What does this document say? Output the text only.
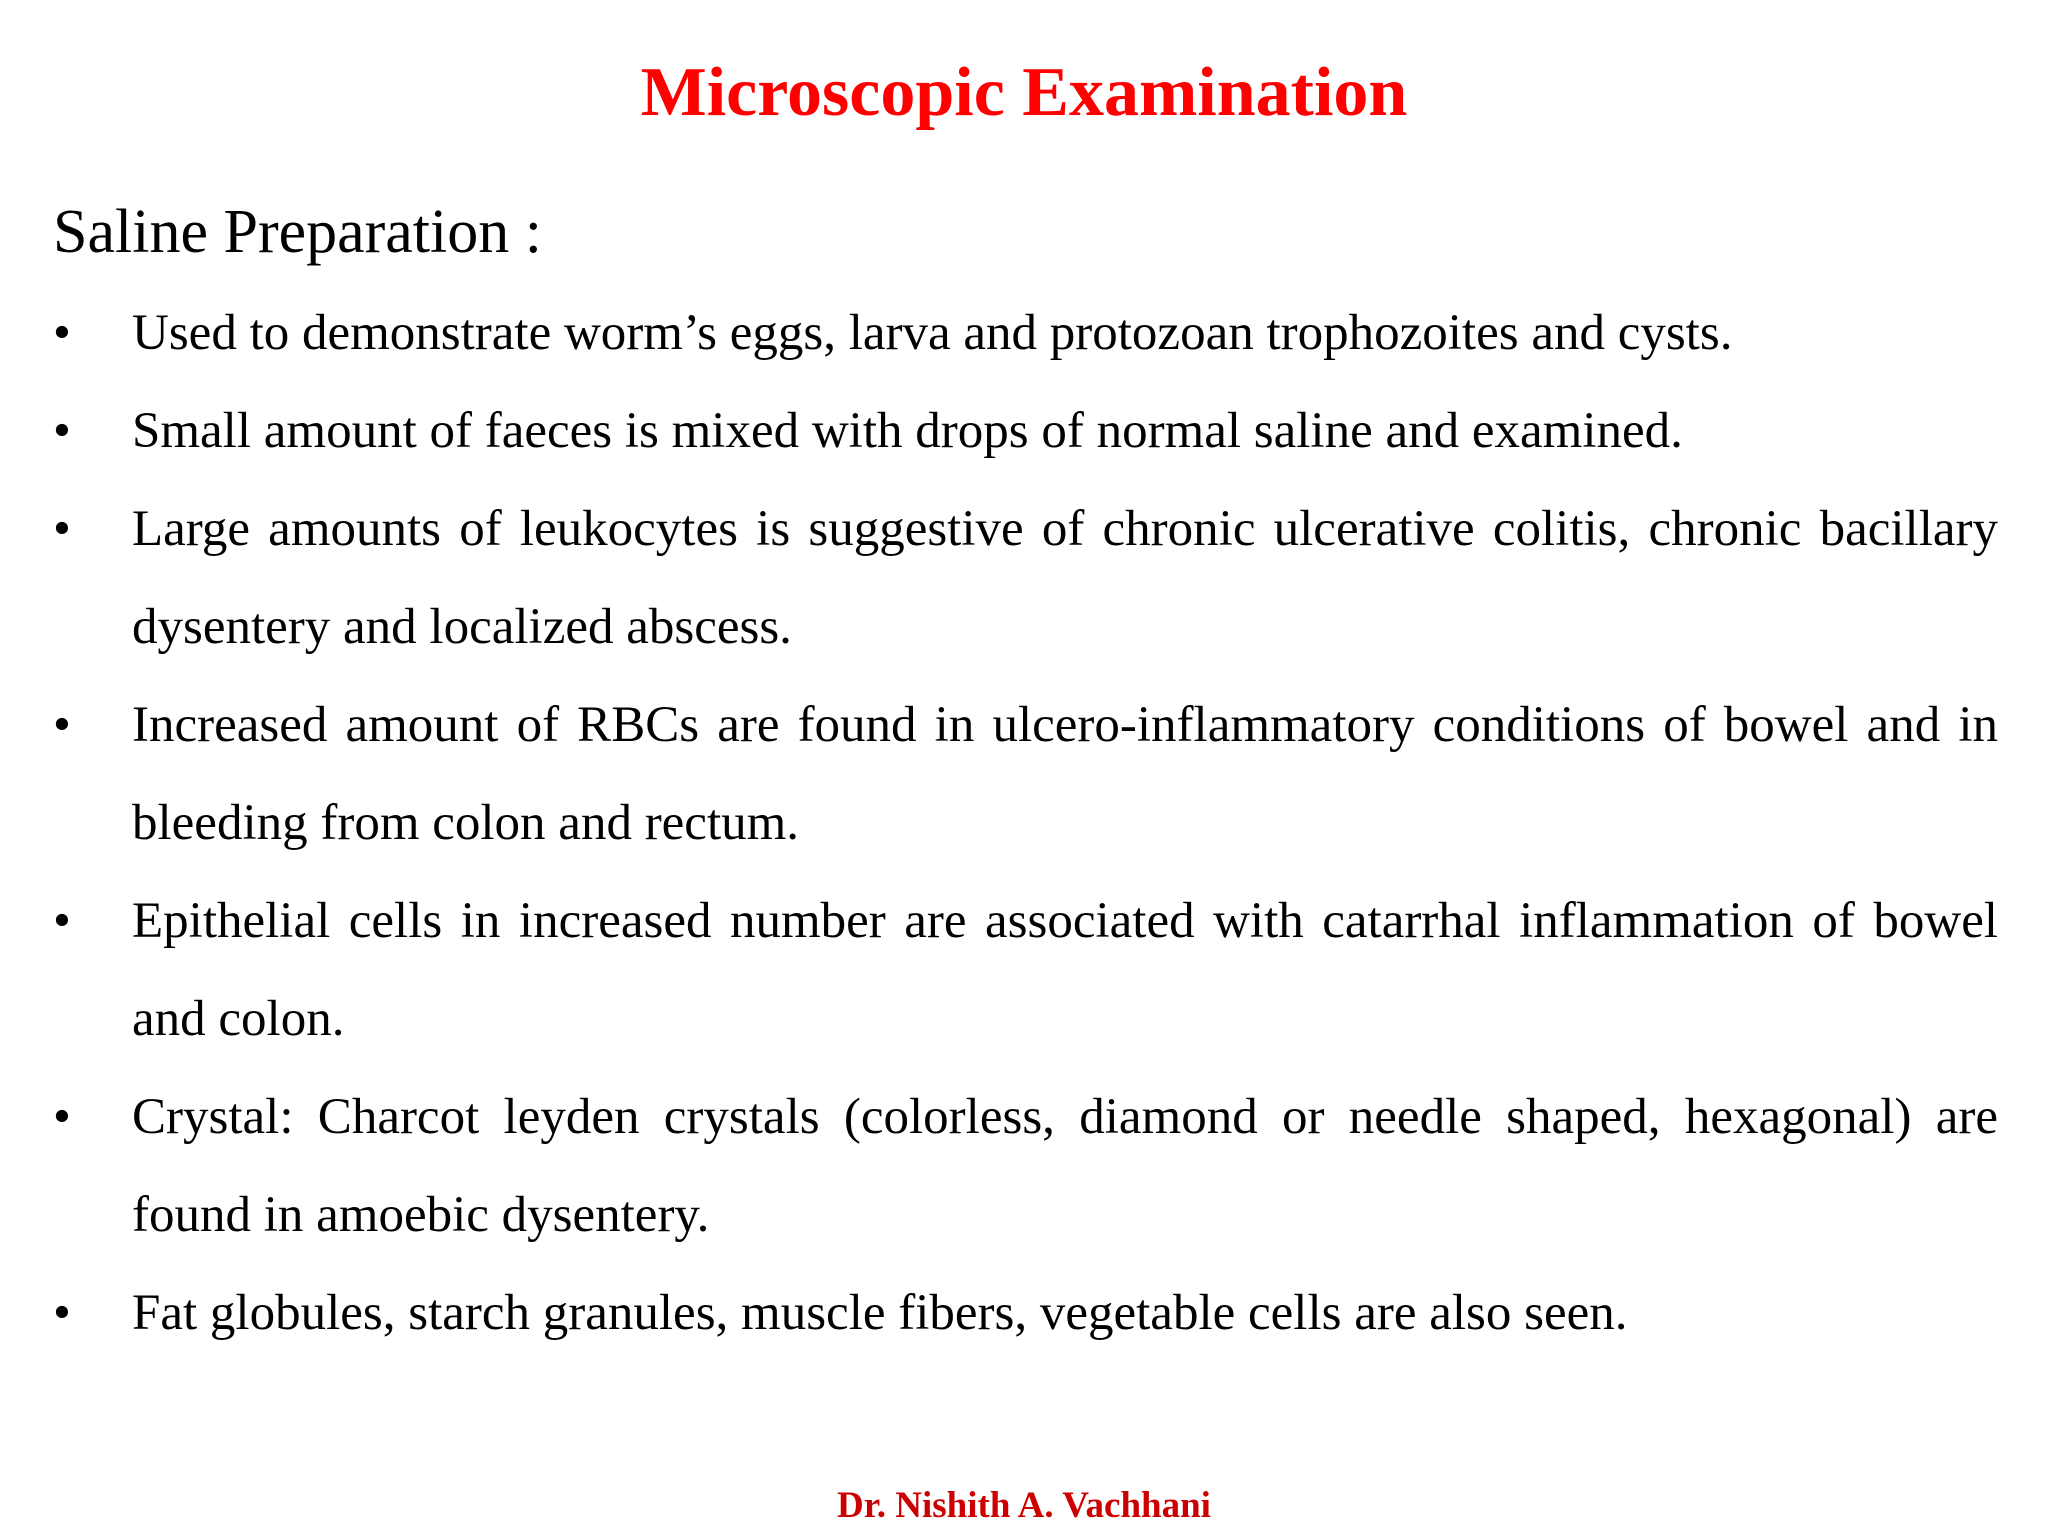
Microscopic Examination
Saline Preparation :
• Used to demonstrate worm’s eggs, larva and protozoan trophozoites and cysts.
• Small amount of faeces is mixed with drops of normal saline and examined.
• Large amounts of leukocytes is suggestive of chronic ulcerative colitis, chronic bacillary dysentery and localized abscess.
• Increased amount of RBCs are found in ulcero-inflammatory conditions of bowel and in bleeding from colon and rectum.
• Epithelial cells in increased number are associated with catarrhal inflammation of bowel and colon.
• Crystal: Charcot leyden crystals (colorless, diamond or needle shaped, hexagonal) are found in amoebic dysentery.
• Fat globules, starch granules, muscle fibers, vegetable cells are also seen.
Dr. Nishith A. Vachhani
